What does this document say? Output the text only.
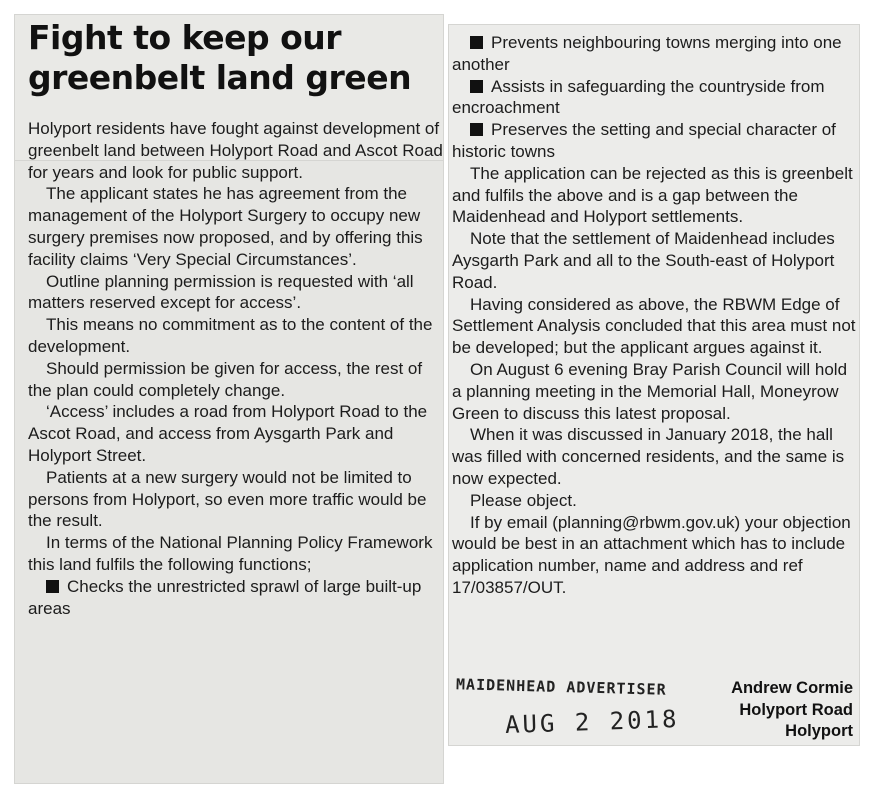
Fight to keep our greenbelt land green

Holyport residents have fought against development of greenbelt land between Holyport Road and Ascot Road for years and look for public support.

The applicant states he has agreement from the management of the Holyport Surgery to occupy new surgery premises now proposed, and by offering this facility claims ‘Very Special Circumstances’.

Outline planning permission is requested with ‘all matters reserved except for access’.

This means no commitment as to the content of the development.

Should permission be given for access, the rest of the plan could completely change.

‘Access’ includes a road from Holyport Road to the Ascot Road, and access from Aysgarth Park and Holyport Street.

Patients at a new surgery would not be limited to persons from Holyport, so even more traffic would be the result.

In terms of the National Planning Policy Framework this land fulfils the following functions;

Checks the unrestricted sprawl of large built-up areas

Prevents neighbouring towns merging into one another

Assists in safeguarding the countryside from encroachment

Preserves the setting and special character of historic towns

The application can be rejected as this is greenbelt and fulfils the above and is a gap between the Maidenhead and Holyport settlements.

Note that the settlement of Maidenhead includes Aysgarth Park and all to the South-east of Holyport Road.

Having considered as above, the RBWM Edge of Settlement Analysis concluded that this area must not be developed; but the applicant argues against it.

On August 6 evening Bray Parish Council will hold a planning meeting in the Memorial Hall, Moneyrow Green to discuss this latest proposal.

When it was discussed in January 2018, the hall was filled with concerned residents, and the same is now expected.

Please object.

If by email (planning@rbwm.gov.uk) your objection would be best in an attachment which has to include application number, name and address and ref 17/03857/OUT.

Andrew Cormie
Holyport Road
Holyport
MAIDENHEAD ADVERTISER
AUG 2 2018
